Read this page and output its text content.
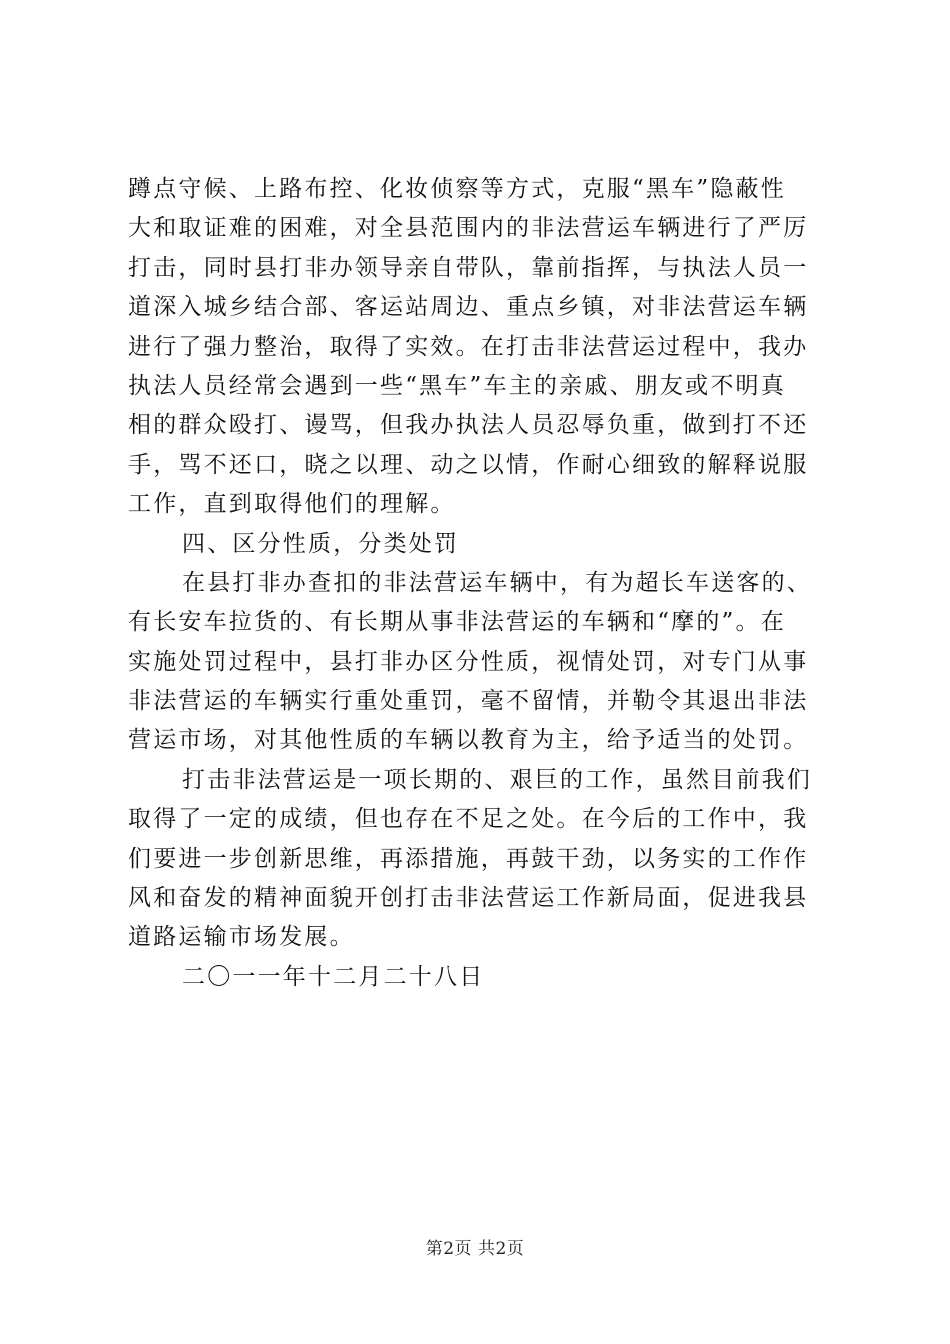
蹲点守候、上路布控、化妆侦察等方式，克服“黑车”隐蔽性
大和取证难的困难，对全县范围内的非法营运车辆进行了严厉
打击，同时县打非办领导亲自带队，靠前指挥，与执法人员一
道深入城乡结合部、客运站周边、重点乡镇，对非法营运车辆
进行了强力整治，取得了实效。在打击非法营运过程中，我办
执法人员经常会遇到一些“黑车”车主的亲戚、朋友或不明真
相的群众殴打、谩骂，但我办执法人员忍辱负重，做到打不还
手，骂不还口，晓之以理、动之以情，作耐心细致的解释说服
工作，直到取得他们的理解。
四、区分性质，分类处罚
在县打非办查扣的非法营运车辆中，有为超长车送客的、
有长安车拉货的、有长期从事非法营运的车辆和“摩的”。在
实施处罚过程中，县打非办区分性质，视情处罚，对专门从事
非法营运的车辆实行重处重罚，毫不留情，并勒令其退出非法
营运市场，对其他性质的车辆以教育为主，给予适当的处罚。
打击非法营运是一项长期的、艰巨的工作，虽然目前我们
取得了一定的成绩，但也存在不足之处。在今后的工作中，我
们要进一步创新思维，再添措施，再鼓干劲，以务实的工作作
风和奋发的精神面貌开创打击非法营运工作新局面，促进我县
道路运输市场发展。
二〇一一年十二月二十八日
第2页 共2页
